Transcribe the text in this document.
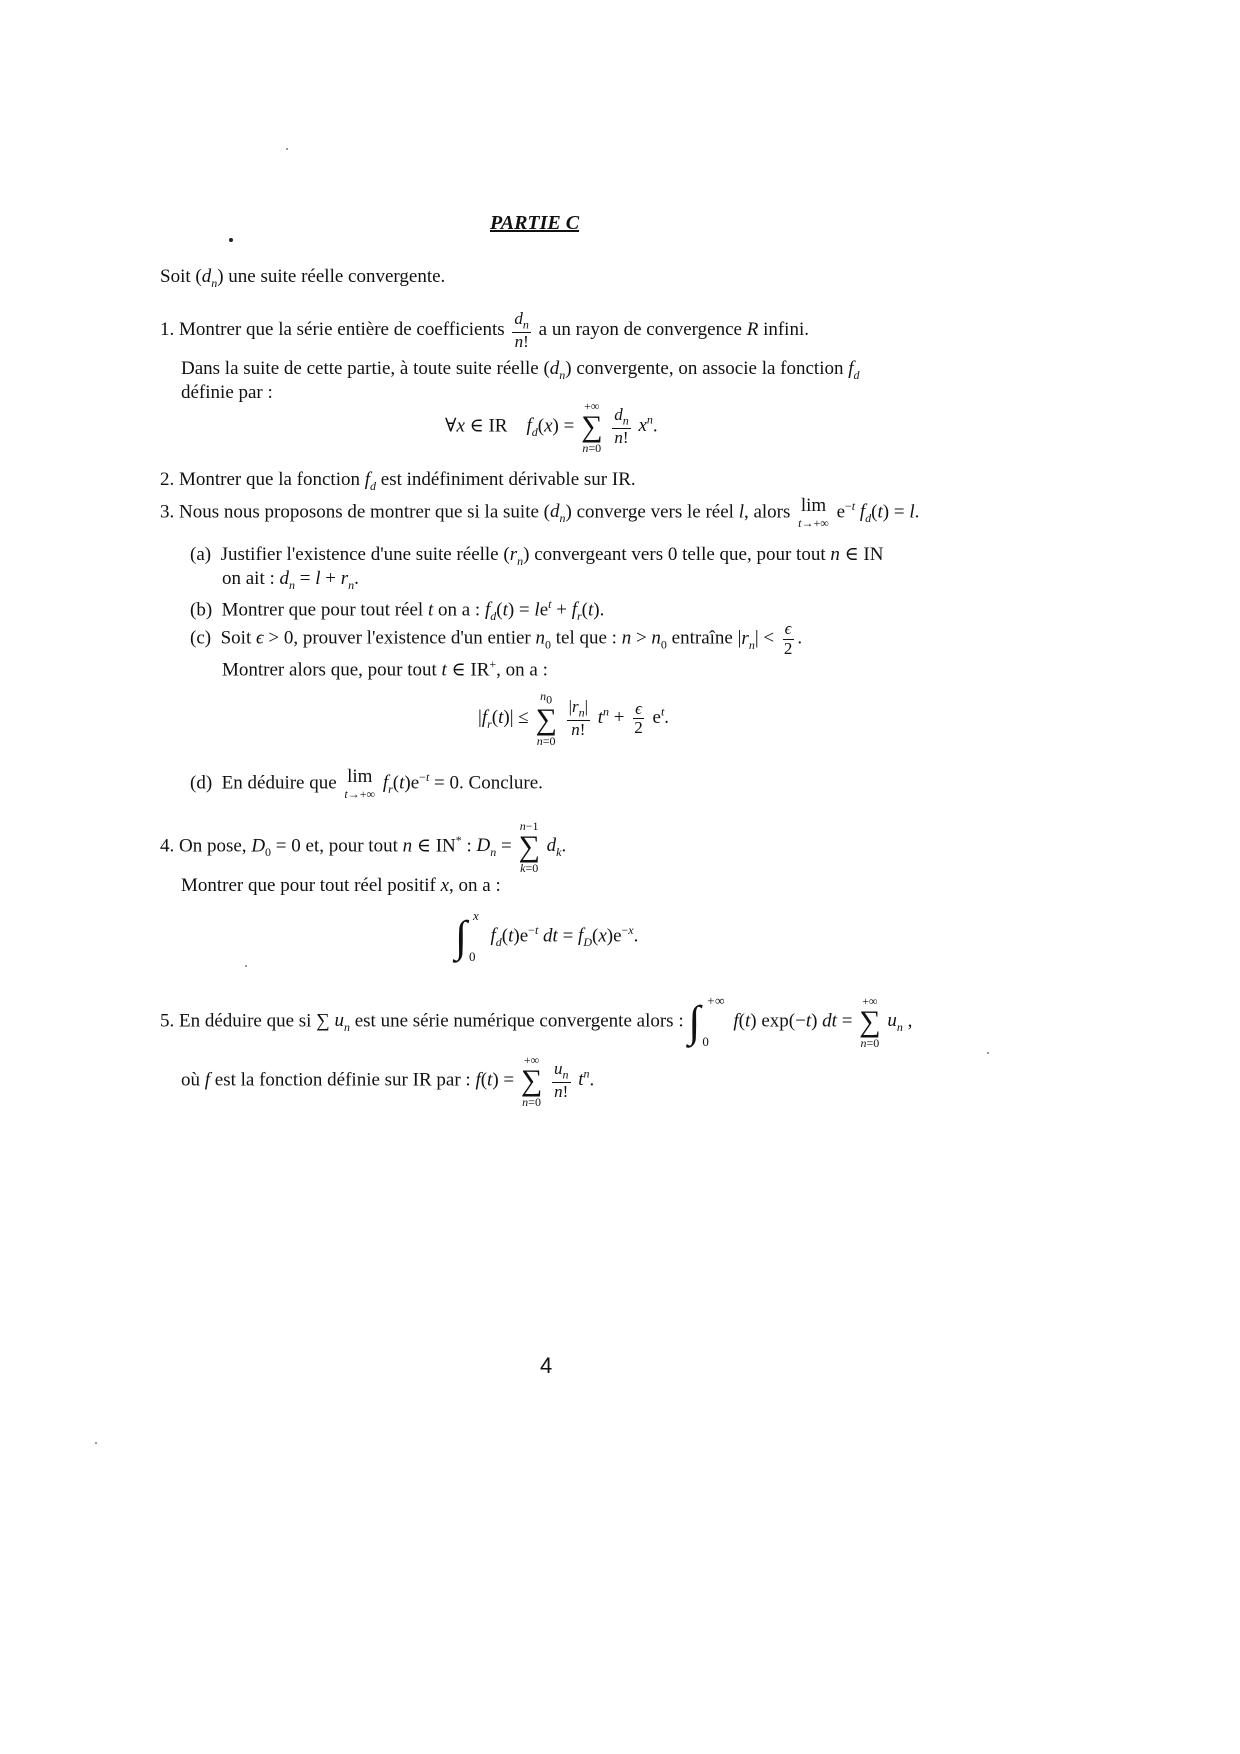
PARTIE C
Soit $(d_n)$ une suite réelle convergente.
1. Montrer que la série entière de coefficients $\frac{d_n}{n!}$ a un rayon de convergence R infini.
Dans la suite de cette partie, à toute suite réelle $(d_n)$ convergente, on associe la fonction $f_d$
définie par :
∀x ∈ IR    $f_d(x)$ =
+∞
∑
n=0

$\frac{d_n}{n!} x^n$.
2. Montrer que la fonction $f_d$ est indéfiniment dérivable sur IR.
3. Nous nous proposons de montrer que si la suite $(d_n)$ converge vers le réel l, alors lim
t→+∞
$e^{-t}$ $f_d(t) = l$.
(a) Justifier l'existence d'une suite réelle $(r_n)$ convergeant vers 0 telle que, pour tout n ∈ IN
on ait : $d_n = l + r_n$.
(b) Montrer que pour tout réel t on a : $f_d(t) = le^t + f_r(t)$.
(c) Soit ϵ > 0, prouver l'existence d'un entier $n_0$ tel que : $n > n_0$ entraîne $|r_n| < \frac{\epsilon}{2}$ .
Montrer alors que, pour tout t ∈ IR+, on a :
$|f_r(t)|$ ≤
$n_0$
∑
n=0

$\frac{|r_n|}{n!} t^n + \frac{\epsilon}{2} e^t$.
(d) En déduire que lim
t→+∞
$f_r(t)e^{-t} = 0$. Conclure.
4. On pose, $D_0 = 0$ et, pour tout n ∈ IN* : $D_n$ =
n−1
∑
k=0
$d_k$.
Montrer que pour tout réel positif x, on a :
∫ x
0
$f_d(t)e^{-t}$ dt = $f_D(x)e^{-x}$.
5. En déduire que si ∑ $u_n$ est une série numérique convergente alors : ∫ +∞
0
f(t) exp(−t) dt =
+∞
∑
n=0
$u_n$ ,
où f est la fonction définie sur IR par : f(t) =
+∞
∑
n=0

$\frac{u_n}{n!} t^n$.
4
